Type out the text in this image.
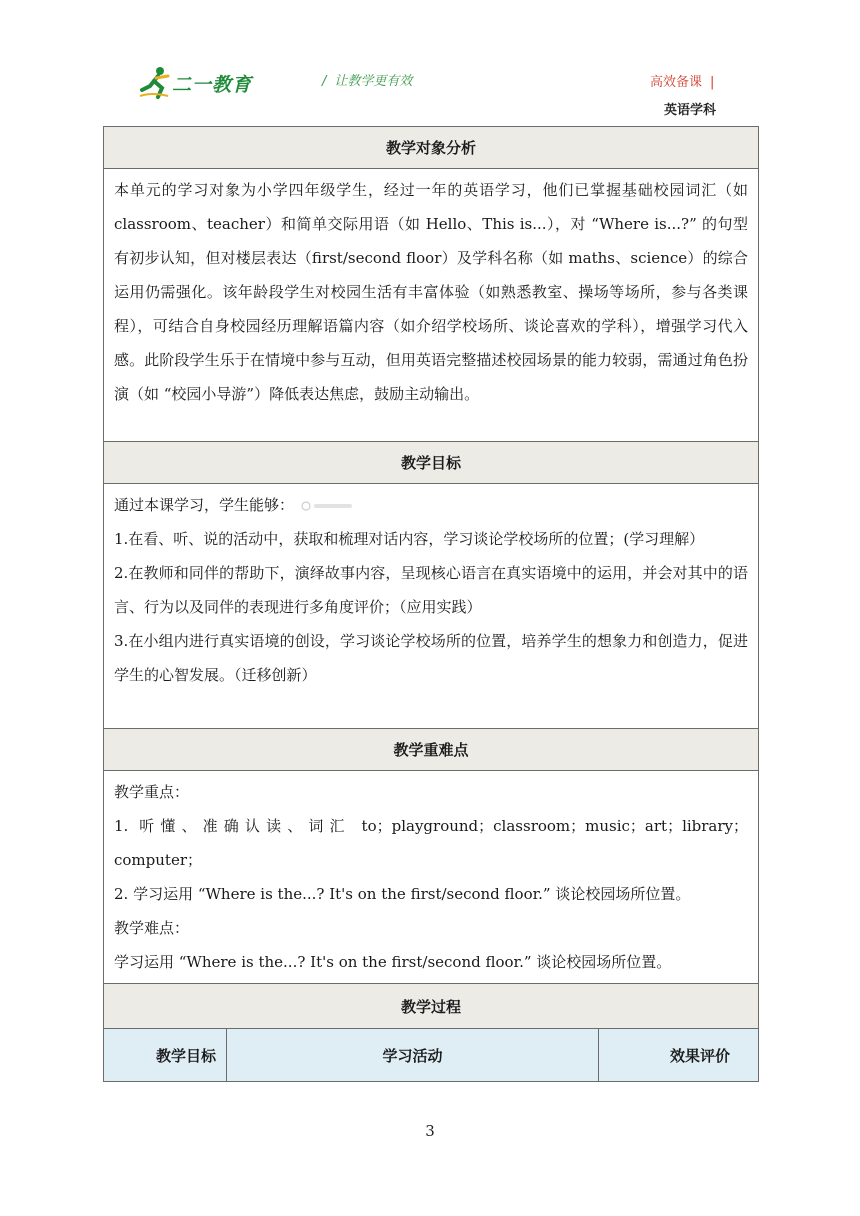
二一教育	/ 让教学更有效	高效备课 |
英语学科
教学对象分析

本单元的学习对象为小学四年级学生，经过一年的英语学习，他们已掌握基础校园词汇（如 classroom、teacher）和简单交际用语（如 Hello、This is...），对 “Where is...?” 的句型有初步认知，但对楼层表达（first/second floor）及学科名称（如 maths、science）的综合运用仍需强化。该年龄段学生对校园生活有丰富体验（如熟悉教室、操场等场所，参与各类课程），可结合自身校园经历理解语篇内容（如介绍学校场所、谈论喜欢的学科），增强学习代入感。此阶段学生乐于在情境中参与互动，但用英语完整描述校园场景的能力较弱，需通过角色扮演（如 “校园小导游”）降低表达焦虑，鼓励主动输出。

教学目标

通过本课学习，学生能够：

1.在看、听、说的活动中，获取和梳理对话内容，学习谈论学校场所的位置；(学习理解）

2.在教师和同伴的帮助下，演绎故事内容，呈现核心语言在真实语境中的运用，并会对其中的语言、行为以及同伴的表现进行多角度评价；（应用实践）

3.在小组内进行真实语境的创设，学习谈论学校场所的位置，培养学生的想象力和创造力，促进学生的心智发展。（迁移创新）

教学重难点

教学重点：

1. 听懂、准确认读、词汇 to；playground；classroom；music；art；library；computer；

2. 学习运用 “Where is the...? It's on the first/second floor.” 谈论校园场所位置。

教学难点：

学习运用 “Where is the...? It's on the first/second floor.” 谈论校园场所位置。

教学过程
教学目标	学习活动	效果评价
3
